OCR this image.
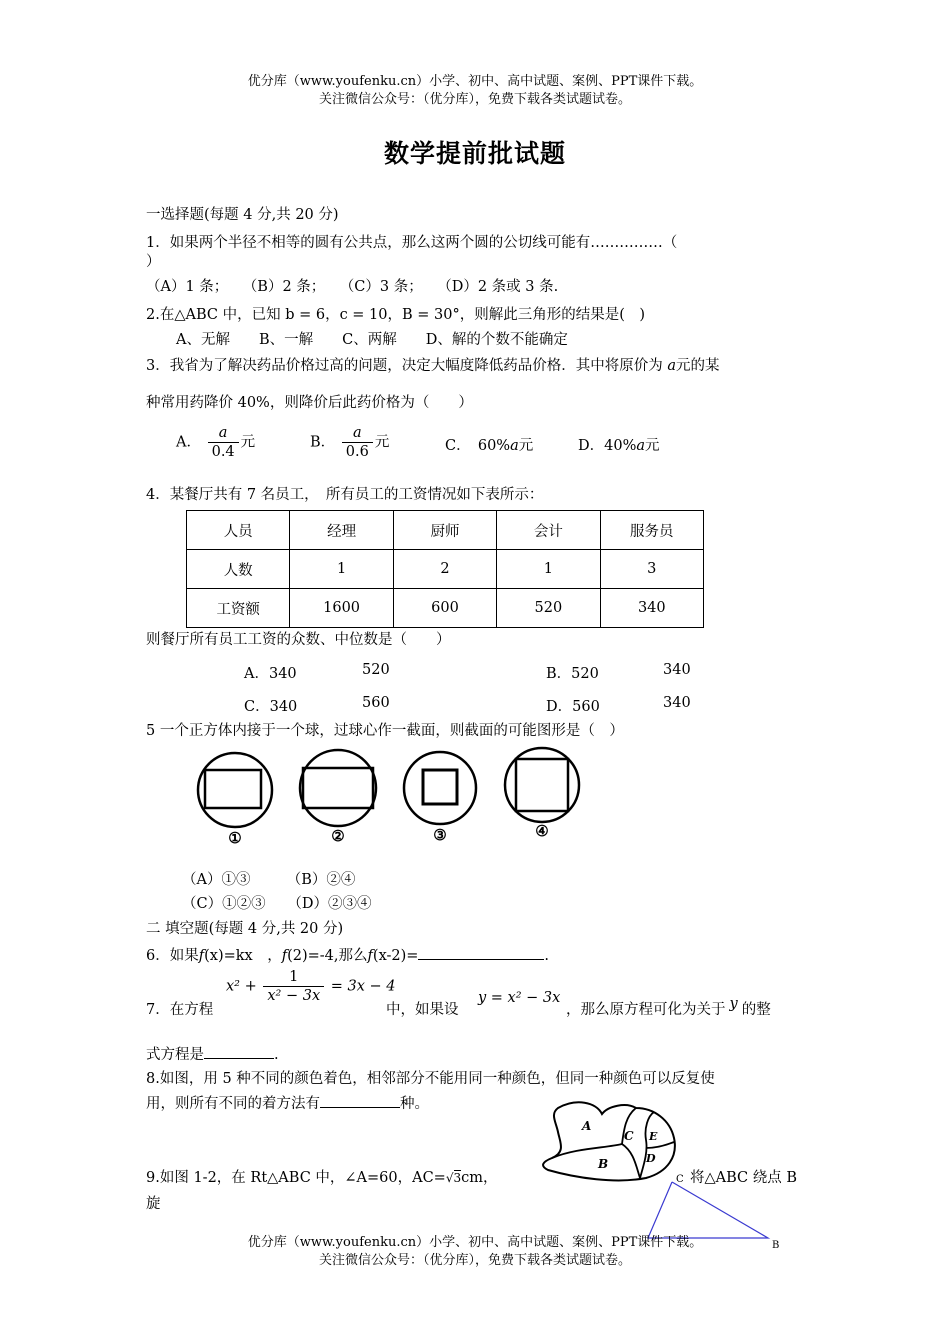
优分库（www.youfenku.cn）小学、初中、高中试题、案例、PPT课件下载。
关注微信公众号：（优分库），免费下载各类试题试卷。
数学提前批试题
一选择题(每题 4 分,共 20 分)
1．如果两个半径不相等的圆有公共点，那么这两个圆的公切线可能有……………（
）
（A）1 条；　　（B）2 条；　　（C）3 条；　　（D）2 条或 3 条.
2.在△ABC 中，已知 b = 6，c = 10，B = 30°，则解此三角形的结果是(　)
A、无解　　B、一解　　C、两解　　D、解的个数不能确定
3．我省为了解决药品价格过高的问题，决定大幅度降低药品价格．其中将原价为 a元的某
种常用药降价 40%，则降价后此药价格为（　　）
A． $\frac{a}{0.4}$ 元	B． $\frac{a}{0.6}$ 元	C．　60%a元	D．40%a元
4．某餐厅共有 7 名员工，　所有员工的工资情况如下表所示：
人员	经理	厨师	会计	服务员
人数	1	2	1	3
工资额	1600	600	520	340
则餐厅所有员工工资的众数、中位数是（　　）
A．340	520	B．520	340
C．340	560	D．560	340
5 一个正方体内接于一个球，过球心作一截面，则截面的可能图形是（　）
①	②	③	④
（A）①③　　　（B）②④
（C）①②③　　（D）②③④
二 填空题(每题 4 分,共 20 分)
6．如果f(x)=kx　，f(2)=-4,那么f(x-2)=	.
7．在方程
$x^2 + \frac{1}{\text{x² − 3x}} = 3x - 4$
中，如果设
y = x² − 3x
，那么原方程可化为关于 y 的整
式方程是	.
8.如图，用 5 种不同的颜色着色，相邻部分不能用同一种颜色，但同一种颜色可以反复使
用，则所有不同的着方法有	种。
A
B
C E
D
9.如图 1-2，在 Rt△ABC 中，∠A=60，AC=√3cm，	将△ABC 绕点 B
旋
C
B
优分库（www.youfenku.cn）小学、初中、高中试题、案例、PPT课件下载。
关注微信公众号：（优分库），免费下载各类试题试卷。
